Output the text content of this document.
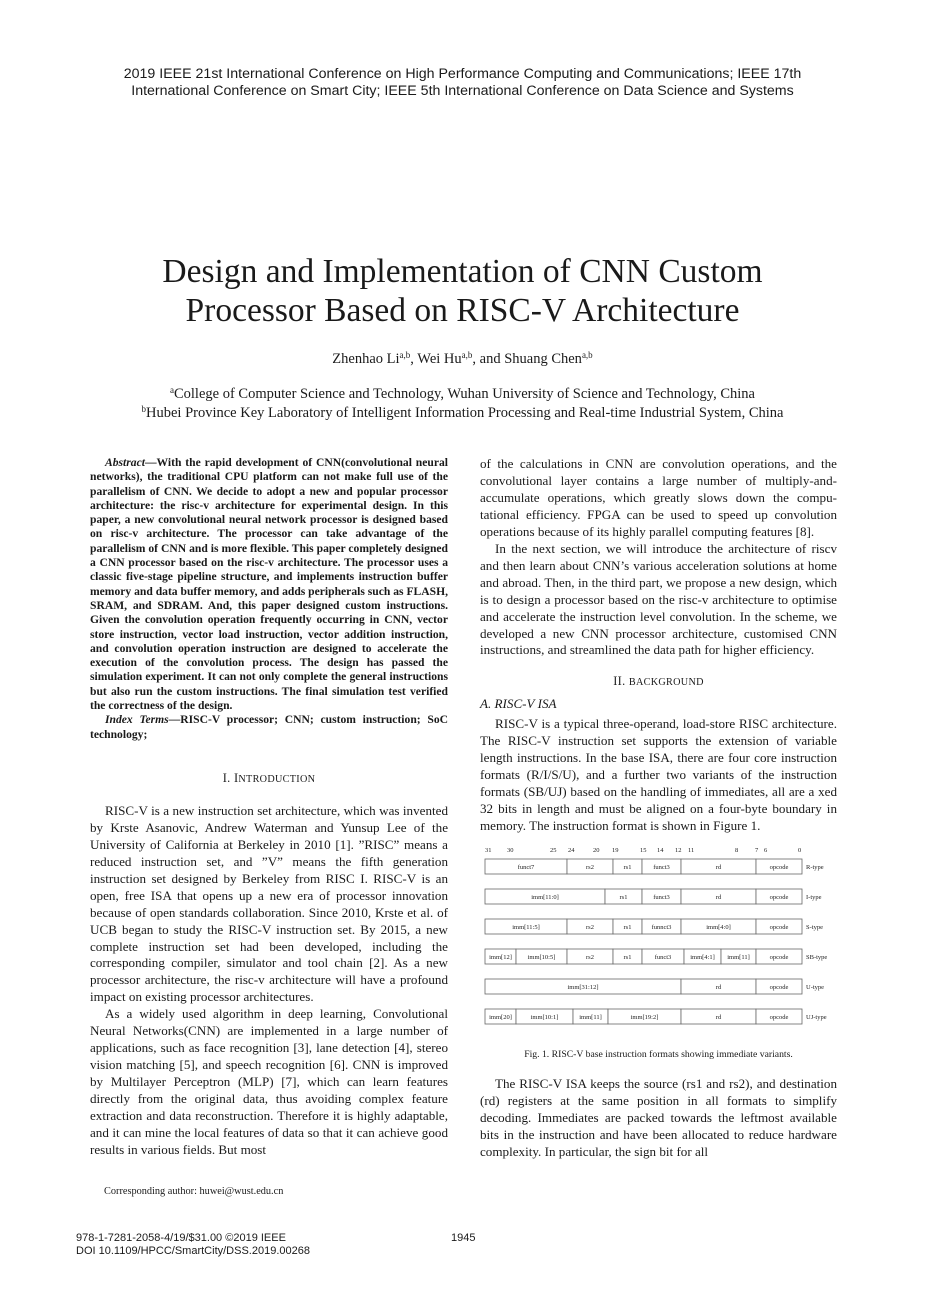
2019 IEEE 21st International Conference on High Performance Computing and Communications; IEEE 17th
International Conference on Smart City; IEEE 5th International Conference on Data Science and Systems
Design and Implementation of CNN Custom
Processor Based on RISC-V Architecture
Zhenhao Li$^{a,b}$, Wei Hu$^{a,b}$, and Shuang Chen$^{a,b}$
$^a$College of Computer Science and Technology, Wuhan University of Science and Technology, China
$^b$Hubei Province Key Laboratory of Intelligent Information Processing and Real-time Industrial System, China

Abstract—With the rapid development of CNN(convolutional neural networks), the traditional CPU platform can not make full use of the parallelism of CNN. We decide to adopt a new and popular processor architecture: the risc-v architecture for experimental design. In this paper, a new convolutional neural network processor is designed based on risc-v architecture. The processor can take advantage of the parallelism of CNN and is more flexible. This paper completely designed a CNN processor based on the risc-v architecture. The processor uses a classic five-stage pipeline structure, and implements instruction buffer memory and data buffer memory, and adds peripherals such as FLASH, SRAM, and SDRAM. And, this paper designed custom instructions. Given the convolution operation frequently occurring in CNN, vector store instruction, vector load instruction, vector addition instruction, and convolution operation instruction are designed to accelerate the execution of the convolution process. The design has passed the simulation experiment. It can not only complete the general instructions but also run the custom instructions. The final simulation test verified the correctness of the design.

Index Terms—RISC-V processor; CNN; custom instruction; SoC technology;

I. INTRODUCTION

RISC-V is a new instruction set architecture, which was invented by Krste Asanovic, Andrew Waterman and Yunsup Lee of the University of California at Berkeley in 2010 [1]. ”RISC” means a reduced instruction set, and ”V” means the fifth generation instruction set designed by Berkeley from RISC I. RISC-V is an open, free ISA that opens up a new era of processor innovation because of open standards collaboration. Since 2010, Krste et al. of UCB began to study the RISC-V instruction set. By 2015, a new complete instruction set had been developed, including the corresponding compiler, simulator and tool chain [2]. As a new processor architecture, the risc-v architecture will have a profound impact on existing processor architectures.

As a widely used algorithm in deep learning, Convolutional Neural Networks(CNN) are implemented in a large number of applications, such as face recognition [3], lane detection [4], stereo vision matching [5], and speech recognition [6]. CNN is improved by Multilayer Perceptron (MLP) [7], which can learn features directly from the original data, thus avoiding complex feature extraction and data reconstruction. Therefore it is highly adaptable, and it can mine the local features of data so that it can achieve good results in various fields. But most

of the calculations in CNN are convolution operations, and the convolutional layer contains a large number of multiply-and-accumulate operations, which greatly slows down the computational efficiency. FPGA can be used to speed up convolution operations because of its highly parallel computing features [8].

In the next section, we will introduce the architecture of riscv and then learn about CNN’s various acceleration solutions at home and abroad. Then, in the third part, we propose a new design, which is to design a processor based on the risc-v architecture to optimise and accelerate the instruction level convolution. In the scheme, we developed a new CNN processor architecture, customised CNN instructions, and streamlined the data path for higher efficiency.

II. BACKGROUND
A. RISC-V ISA

RISC-V is a typical three-operand, load-store RISC architecture. The RISC-V instruction set supports the extension of variable length instructions. In the base ISA, there are four core instruction formats (R/I/S/U), and a further two variants of the instruction formats (SB/UJ) based on the handling of immediates, all are a xed 32 bits in length and must be aligned on a four-byte boundary in memory. The instruction format is shown in Figure 1.

31 30	25 24	20 19	15 14 12 11	8	7 6	0
funct7	rs2	rs1	funct3	rd	opcode	R-type
imm[11:0]	rs1	funct3	rd	opcode	I-type
imm[11:5]	rs2	rs1	funnct3	imm[4:0]	opcode	S-type
imm[12] imm[10:5]	rs2	rs1	funct3	imm[4:1] imm[11]	opcode	SB-type
imm[31:12]	rd	opcode	U-type
imm[20]	imm[10:1]	imm[11]	imm[19:2]	rd	opcode	UJ-type
Fig. 1. RISC-V base instruction formats showing immediate variants.

The RISC-V ISA keeps the source (rs1 and rs2), and destination (rd) registers at the same position in all formats to simplify decoding. Immediates are packed towards the leftmost available bits in the instruction and have been allocated to reduce hardware complexity. In particular, the sign bit for all

Corresponding author: huwei@wust.edu.cn
978-1-7281-2058-4/19/$31.00 ©2019 IEEE
DOI 10.1109/HPCC/SmartCity/DSS.2019.00268
1945
